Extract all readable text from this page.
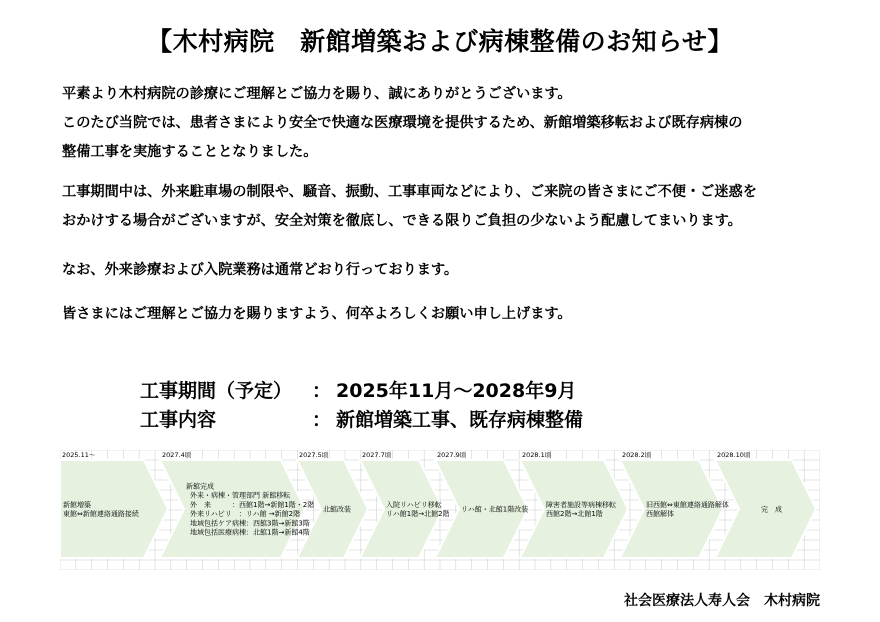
【木村病院　新館増築および病棟整備のお知らせ】

平素より木村病院の診療にご理解とご協力を賜り、誠にありがとうございます。

このたび当院では、患者さまにより安全で快適な医療環境を提供するため、新館増築移転および既存病棟の

整備工事を実施することとなりました。

工事期間中は、外来駐車場の制限や、騒音、振動、工事車両などにより、ご来院の皆さまにご不便・ご迷惑を

おかけする場合がございますが、安全対策を徹底し、できる限りご負担の少ないよう配慮してまいります。

なお、外来診療および入院業務は通常どおり行っております。

皆さまにはご理解とご協力を賜りますよう、何卒よろしくお願い申し上げます。

工事期間（予定） ： 2025年11月～2028年9月
工事内容	： 新館増築工事、既存病棟整備
2025.11～
新館増築
東館⇔新館連絡通路接続
2027.4頃
新館完成
外来・病棟・管理部門 新館移転
外　来　　　：西館1階→新館1階・2階
外来リハビリ　：リハ館 →新館2階
地域包括ケア病棟：西館3階→新館3階
地域包括医療病棟：北館1階→新館4階
2027.5頃
北館改装
2027.7頃
入院リハビリ移転
リハ館1階→北館2階
2027.9頃
リハ館・北館1階改装
2028.1頃
障害者施設等病棟移転
西館2階→北館1階
2028.2頃
旧西館⇔東館連絡通路解体
西館解体
2028.10頃
完　成
社会医療法人寿人会　木村病院
